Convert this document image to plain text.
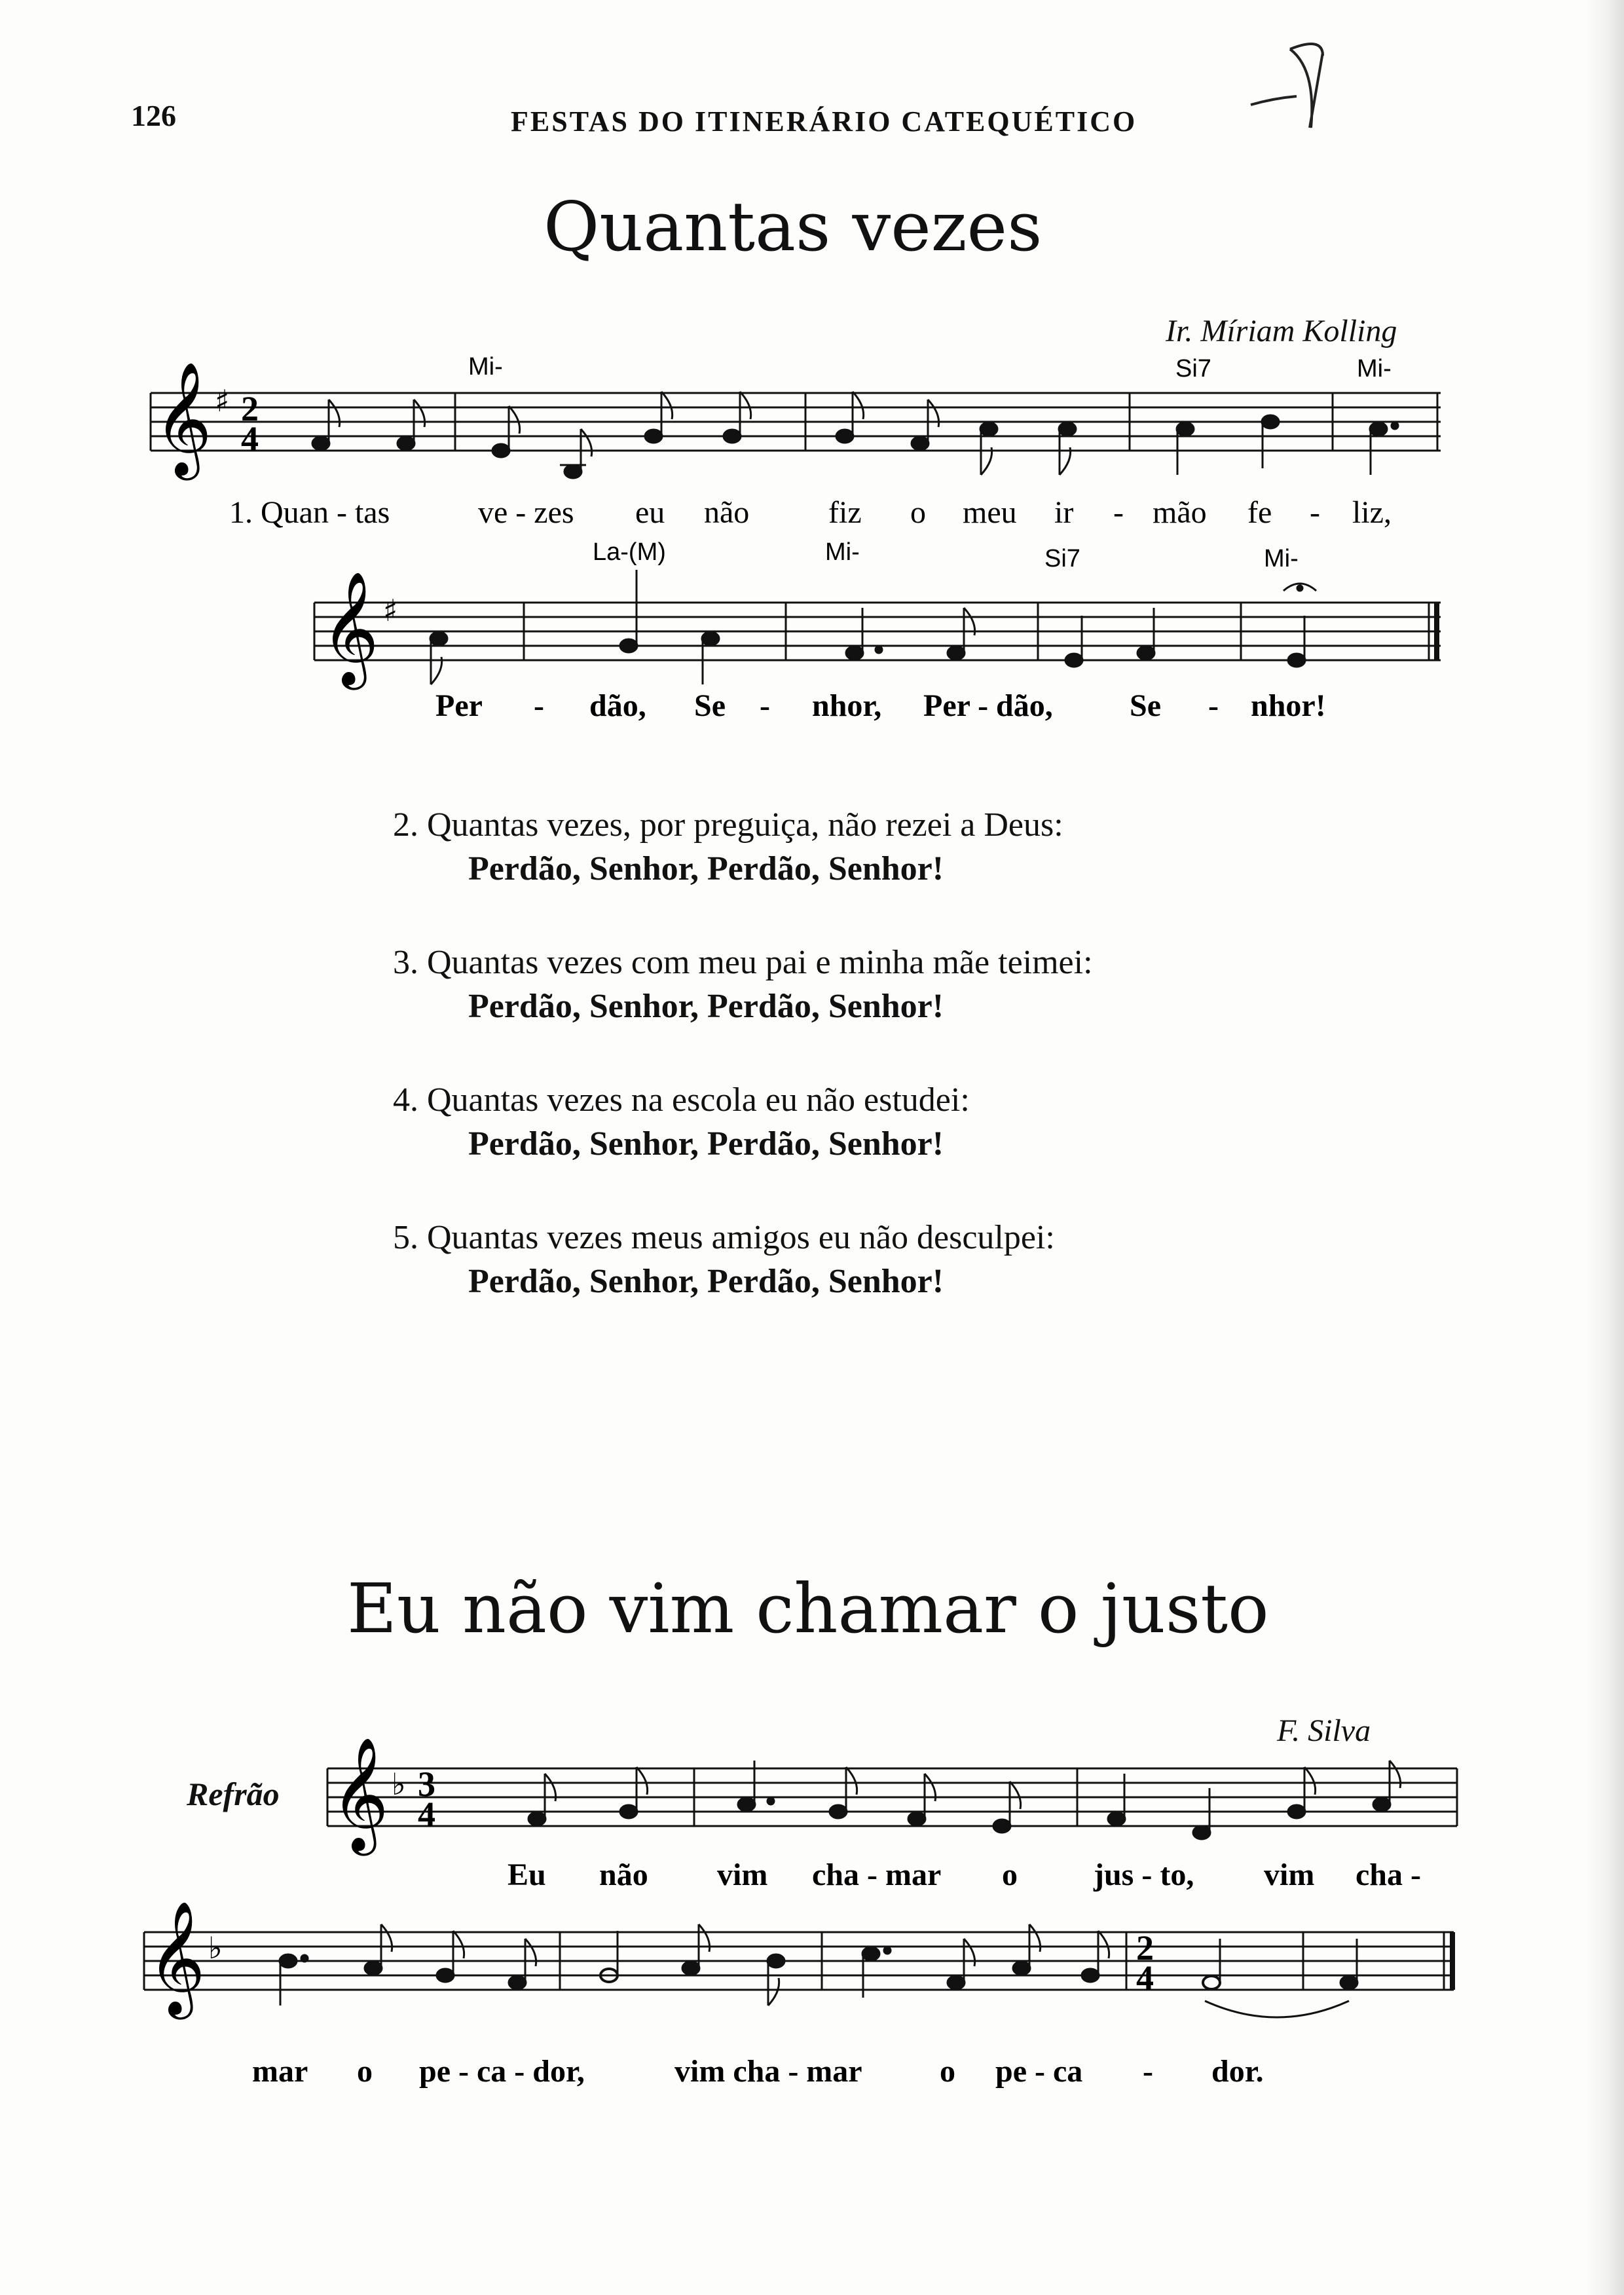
126	FESTAS DO ITINERÁRIO CATEQUÉTICO
Quantas vezes
Ir. Míriam Kolling
𝄞 ♯ 2
4
Mi-	Si7	Mi-
1. Quan - tas	ve - zes eu não	fiz o meu ir - mão fe - liz,
𝄞 ♯
La-(M)	Mi-	Si7	Mi-
Per - dão, Se - nhor, Per - dão, Se - nhor!
2. Quantas vezes, por preguiça, não rezei a Deus:
Perdão, Senhor, Perdão, Senhor!
3. Quantas vezes com meu pai e minha mãe teimei:
Perdão, Senhor, Perdão, Senhor!
4. Quantas vezes na escola eu não estudei:
Perdão, Senhor, Perdão, Senhor!
5. Quantas vezes meus amigos eu não desculpei:
Perdão, Senhor, Perdão, Senhor!
Eu não vim chamar o justo
F. Silva
Refrão 𝄞 ♭ 3
4
Eu não vim cha - mar o jus - to, vim cha -
𝄞 ♭	2
4
mar o pe - ca - dor,	vim cha - mar o pe - ca - dor.
